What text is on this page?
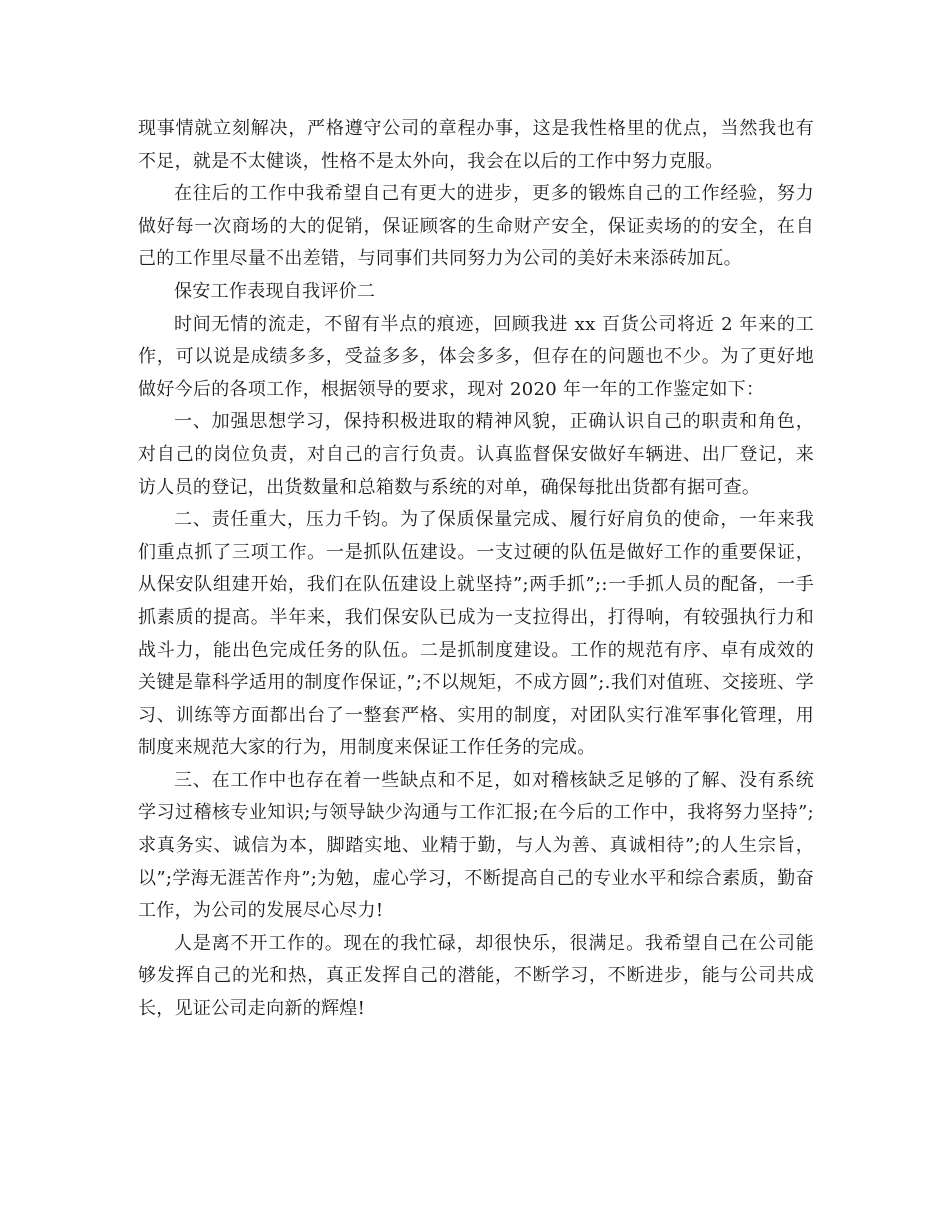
现事情就立刻解决，严格遵守公司的章程办事，这是我性格里的优点，当然我也有不足，就是不太健谈，性格不是太外向，我会在以后的工作中努力克服。

在往后的工作中我希望自己有更大的进步，更多的锻炼自己的工作经验，努力做好每一次商场的大的促销，保证顾客的生命财产安全，保证卖场的的安全，在自己的工作里尽量不出差错，与同事们共同努力为公司的美好未来添砖加瓦。

保安工作表现自我评价二

时间无情的流走，不留有半点的痕迹，回顾我进 xx 百货公司将近 2 年来的工作，可以说是成绩多多，受益多多，体会多多，但存在的问题也不少。为了更好地做好今后的各项工作，根据领导的要求，现对 2020 年一年的工作鉴定如下：

一、加强思想学习，保持积极进取的精神风貌，正确认识自己的职责和角色，对自己的岗位负责，对自己的言行负责。认真监督保安做好车辆进、出厂登记，来访人员的登记，出货数量和总箱数与系统的对单，确保每批出货都有据可查。

二、责任重大，压力千钧。为了保质保量完成、履行好肩负的使命，一年来我们重点抓了三项工作。一是抓队伍建设。一支过硬的队伍是做好工作的重要保证，从保安队组建开始，我们在队伍建设上就坚持”;两手抓”;:一手抓人员的配备，一手抓素质的提高。半年来，我们保安队已成为一支拉得出，打得响，有较强执行力和战斗力，能出色完成任务的队伍。二是抓制度建设。工作的规范有序、卓有成效的关键是靠科学适用的制度作保证，”;不以规矩，不成方圆”;.我们对值班、交接班、学习、训练等方面都出台了一整套严格、实用的制度，对团队实行准军事化管理，用制度来规范大家的行为，用制度来保证工作任务的完成。

三、在工作中也存在着一些缺点和不足，如对稽核缺乏足够的了解、没有系统学习过稽核专业知识;与领导缺少沟通与工作汇报;在今后的工作中，我将努力坚持”;求真务实、诚信为本，脚踏实地、业精于勤，与人为善、真诚相待”;的人生宗旨，以”;学海无涯苦作舟”;为勉，虚心学习，不断提高自己的专业水平和综合素质，勤奋工作，为公司的发展尽心尽力!

人是离不开工作的。现在的我忙碌，却很快乐，很满足。我希望自己在公司能够发挥自己的光和热，真正发挥自己的潜能，不断学习，不断进步，能与公司共成长，见证公司走向新的辉煌!
